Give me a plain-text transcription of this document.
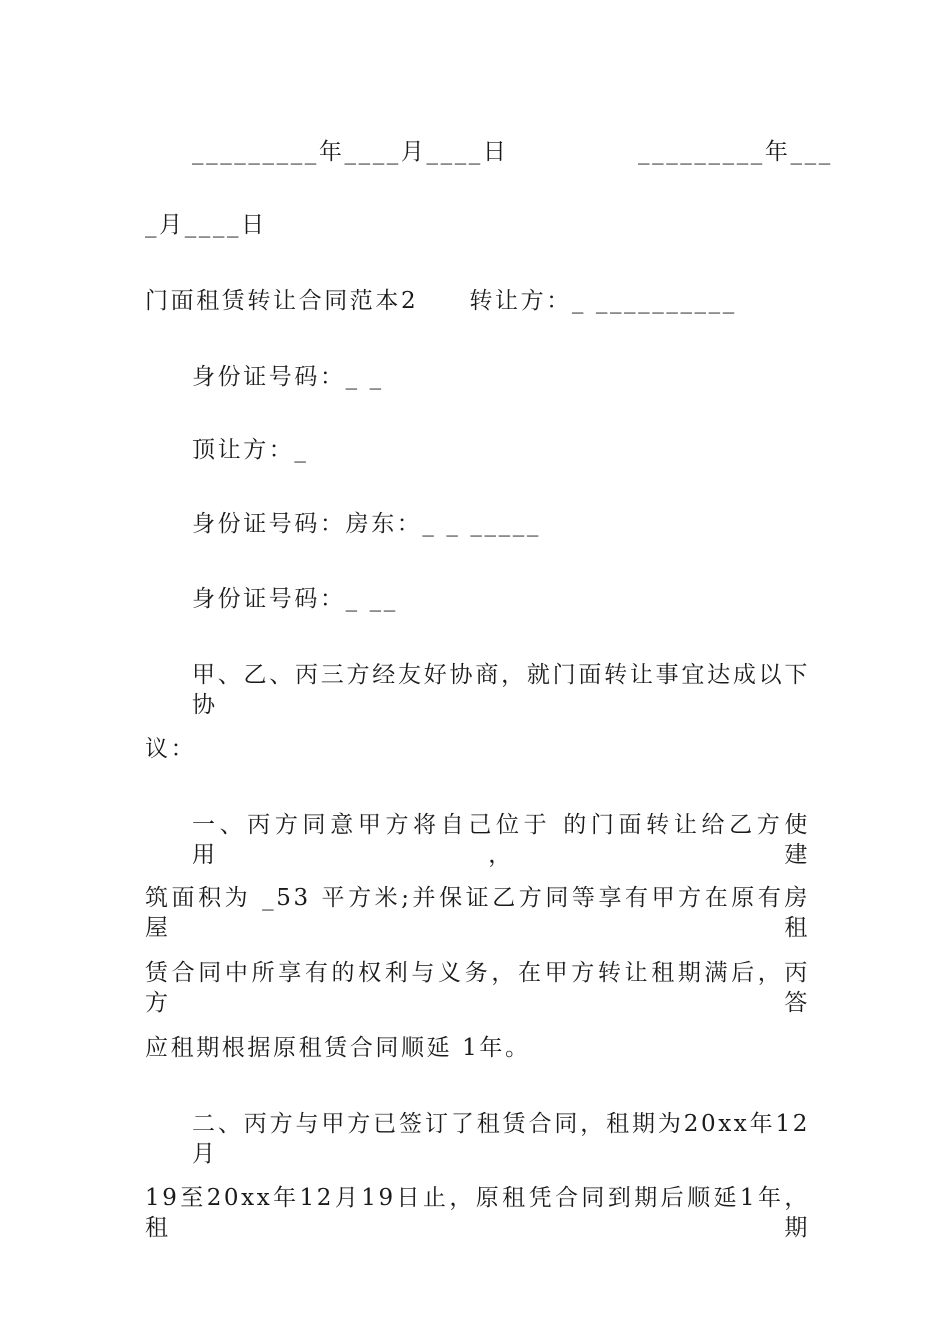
_________年____月____日	_________年___
_月____日
门面租赁转让合同范本2　　转让方：_ __________
身份证号码：_ _
顶让方：_
身份证号码：房东：_ _ _____
身份证号码：_ __
甲、乙、丙三方经友好协商，就门面转让事宜达成以下协
议：
一、丙方同意甲方将自己位于 的门面转让给乙方使用，建
筑面积为 _53 平方米;并保证乙方同等享有甲方在原有房屋租
赁合同中所享有的权利与义务，在甲方转让租期满后，丙方答
应租期根据原租赁合同顺延 1年。
二、丙方与甲方已签订了租赁合同，租期为20xx年12月
19至20xx年12月19日止，原租凭合同到期后顺延1年，租期
